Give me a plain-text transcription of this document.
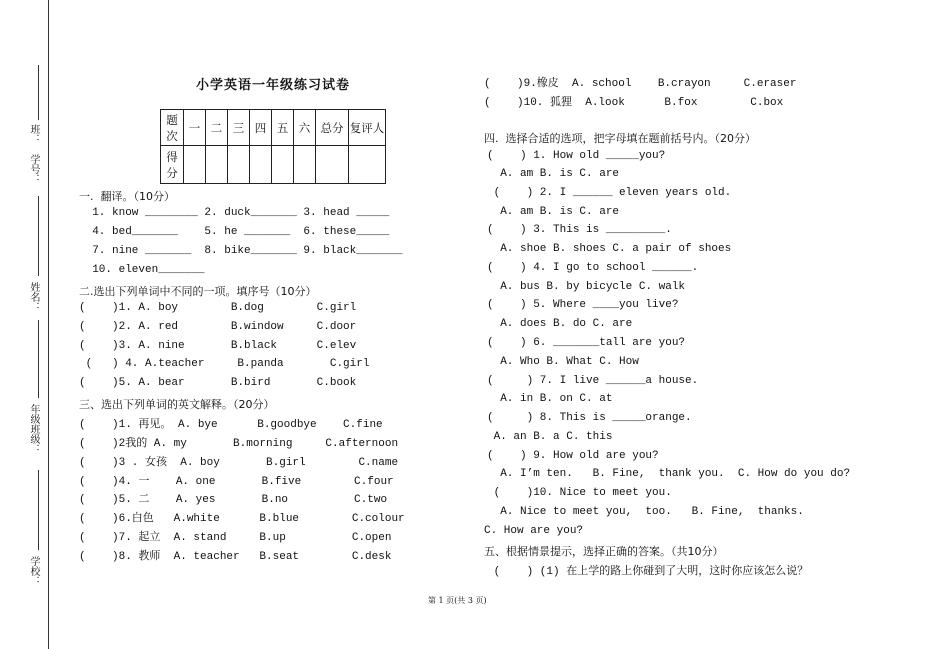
班：
学号：
姓名：
年级班级：
学校：
小学英语一年级练习试卷
题次	一	二	三	四	五	六	总分	复评人
得分								
一.  翻译。（10分）
1. know ________ 2. duck_______ 3. head _____
4. bed_______    5. he _______  6. these_____
7. nine _______  8. bike_______ 9. black_______
10. eleven_______
二.选出下列单词中不同的一项。填序号（10分）
(    )1. A. boy        B.dog        C.girl
(    )2. A. red        B.window     C.door
(    )3. A. nine       B.black      C.elev
(   ) 4. A.teacher     B.panda       C.girl
(    )5. A. bear       B.bird       C.book
三、选出下列单词的英文解释。（20分）
(    )1. 再见。 A. bye      B.goodbye    C.fine
(    )2我的 A. my       B.morning     C.afternoon
(    )3 . 女孩  A. boy       B.girl        C.name
(    )4. 一    A. one       B.five        C.four
(    )5. 二    A. yes       B.no          C.two
(    )6.白色   A.white      B.blue        C.colour
(    )7. 起立  A. stand     B.up          C.open
(    )8. 教师  A. teacher   B.seat        C.desk
(    )9.橡皮  A. school    B.crayon     C.eraser
(    )10. 狐狸  A.look      B.fox        C.box
四.  选择合适的选项，把字母填在题前括号内。（20分）
(    ) 1. How old _____you?
A. am B. is C. are
(    ) 2. I ______ eleven years old.
A. am B. is C. are
(    ) 3. This is _________.
A. shoe B. shoes C. a pair of shoes
(    ) 4. I go to school ______.
A. bus B. by bicycle C. walk
(    ) 5. Where ____you live?
A. does B. do C. are
(    ) 6. _______tall are you?
A. Who B. What C. How
(     ) 7. I live ______a house.
A. in B. on C. at
(     ) 8. This is _____orange.
A. an B. a C. this
(    ) 9. How old are you?
A. I’m ten.   B. Fine,  thank you.  C. How do you do?
(    )10. Nice to meet you.
A. Nice to meet you,  too.   B. Fine,  thanks.
C. How are you?
五、根据情景提示，选择正确的答案。（共10分）
(    ) (1) 在上学的路上你碰到了大明，这时你应该怎么说？
第 1 页(共 3 页)
